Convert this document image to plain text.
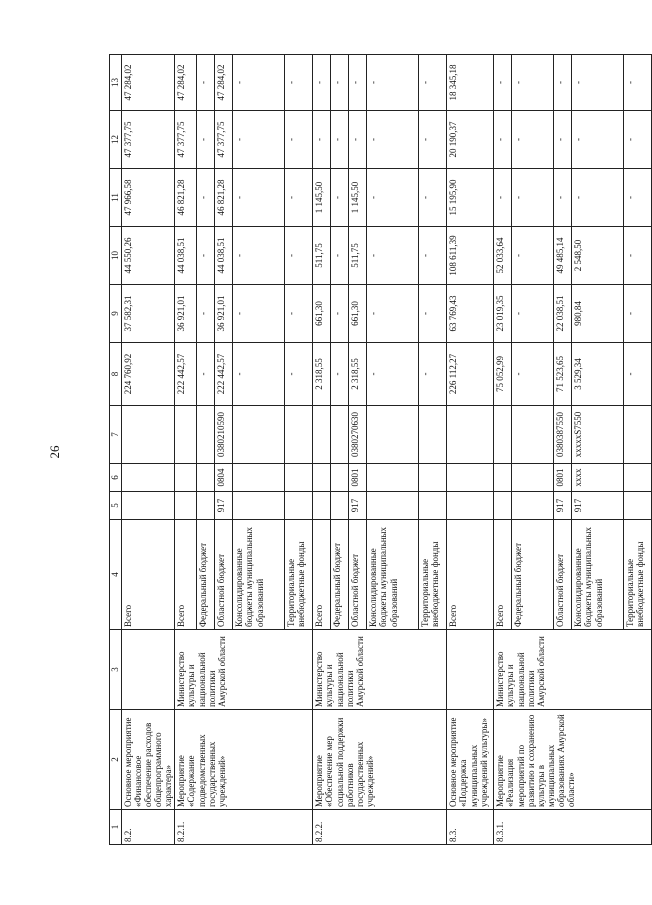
26
1	2	3	4	5	6	7	8	9	10	11	12	13
8.2.	Основное мероприятие «Финансовое обеспечение расходов общепрограммного характера»		Всего				224 760,92	37 582,31	44 550,26	47 966,58	47 377,75	47 284,02
8.2.1.	Мероприятие «Содержание подведомственных государственных учреждений»	Министерство культуры и национальной политики Амурской области	Всего				222 442,57	36 921,01	44 038,51	46 821,28	47 377,75	47 284,02
			Федеральный бюджет				-	-	-	-	-	-
			Областной бюджет	917	0804	0380210590	222 442,57	36 921,01	44 038,51	46 821,28	47 377,75	47 284,02
			Консолидированные бюджеты муниципальных образований				-	-	-	-	-	-
			Территориальные внебюджетные фонды				-	-	-	-	-	-
8.2.2.	Мероприятие «Обеспечение мер социальной поддержки работников государственных учреждений»	Министерство культуры и национальной политики Амурской области	Всего				2 318,55	661,30	511,75	1 145,50	-	-
			Федеральный бюджет				-	-	-	-	-	-
			Областной бюджет	917	0801	0380270630	2 318,55	661,30	511,75	1 145,50	-	-
			Консолидированные бюджеты муниципальных образований				-	-	-	-	-	-
			Территориальные внебюджетные фонды				-	-	-	-	-	-
8.3.	Основное мероприятие «Поддержка муниципальных учреждений культуры»		Всего				226 112,27	63 769,43	108 611,39	15 195,90	20 190,37	18 345,18
8.3.1.	Мероприятие «Реализация мероприятий по развитию и сохранению культуры в муниципальных образованиях Амурской области»	Министерство культуры и национальной политики Амурской области	Всего				75 052,99	23 019,35	52 033,64	-	-	-
			Федеральный бюджет				-	-	-	-	-	-
			Областной бюджет	917	0801	0380387550	71 523,65	22 038,51	49 485,14	-	-	-
			Консолидированные бюджеты муниципальных образований	917	xxxx	xxxxxS7550	3 529,34	980,84	2 548,50	-	-	-
			Территориальные внебюджетные фонды				-	-	-	-	-	-
